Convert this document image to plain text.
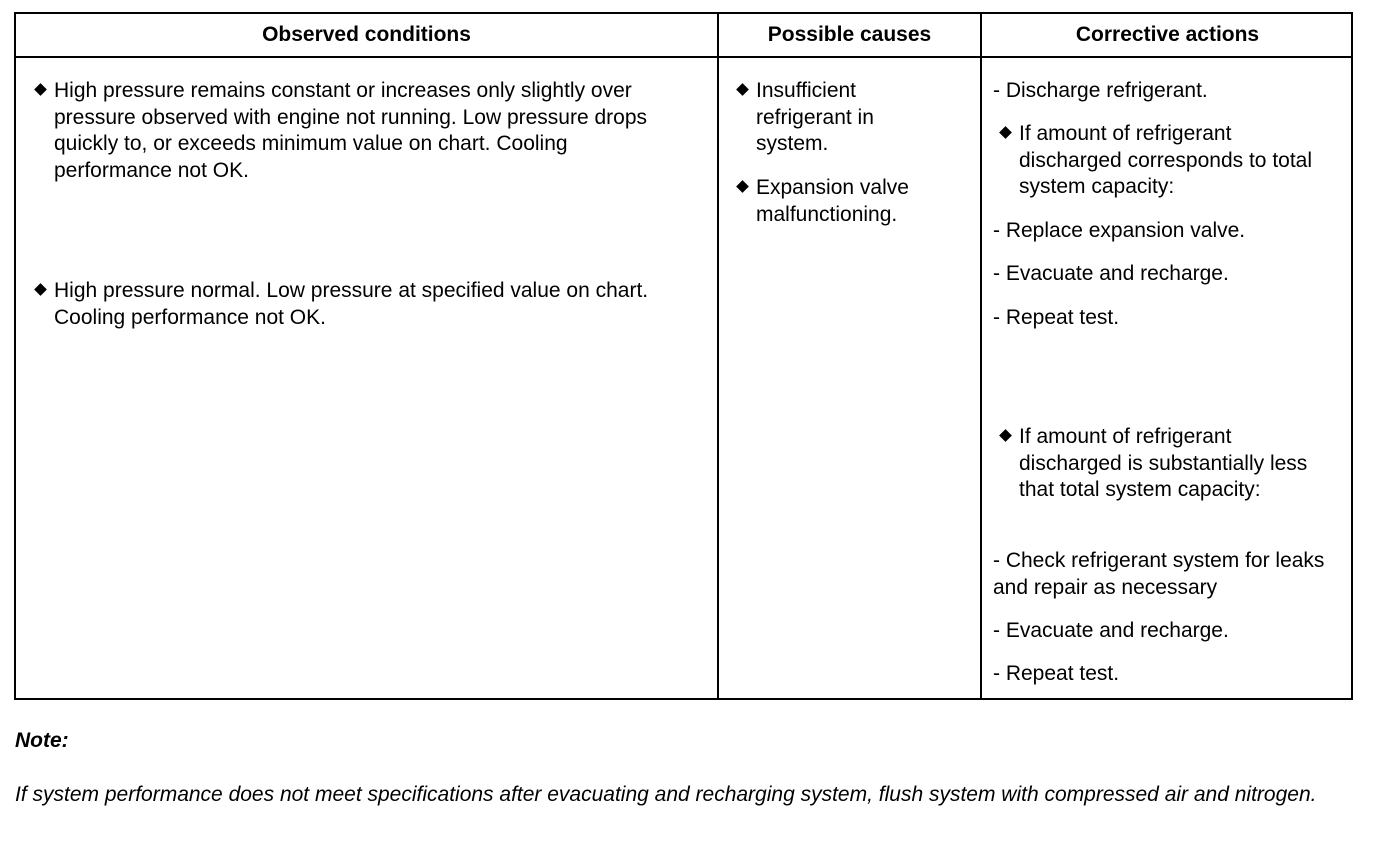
Observed conditions	Possible causes	Corrective actions
High pressure remains constant or increases only slightly over pressure observed with engine not running. Low pressure drops quickly to, or exceeds minimum value on chart. Cooling performance not OK.
High pressure normal. Low pressure at specified value on chart. Cooling performance not OK.
Insufficient refrigerant in system.
Expansion valve malfunctioning.
- Discharge refrigerant.
If amount of refrigerant discharged corresponds to total system capacity:
- Replace expansion valve.
- Evacuate and recharge.
- Repeat test.
If amount of refrigerant discharged is substantially less that total system capacity:
- Check refrigerant system for leaks and repair as necessary
- Evacuate and recharge.
- Repeat test.
Note:
If system performance does not meet specifications after evacuating and recharging system, flush system with compressed air and nitrogen.
